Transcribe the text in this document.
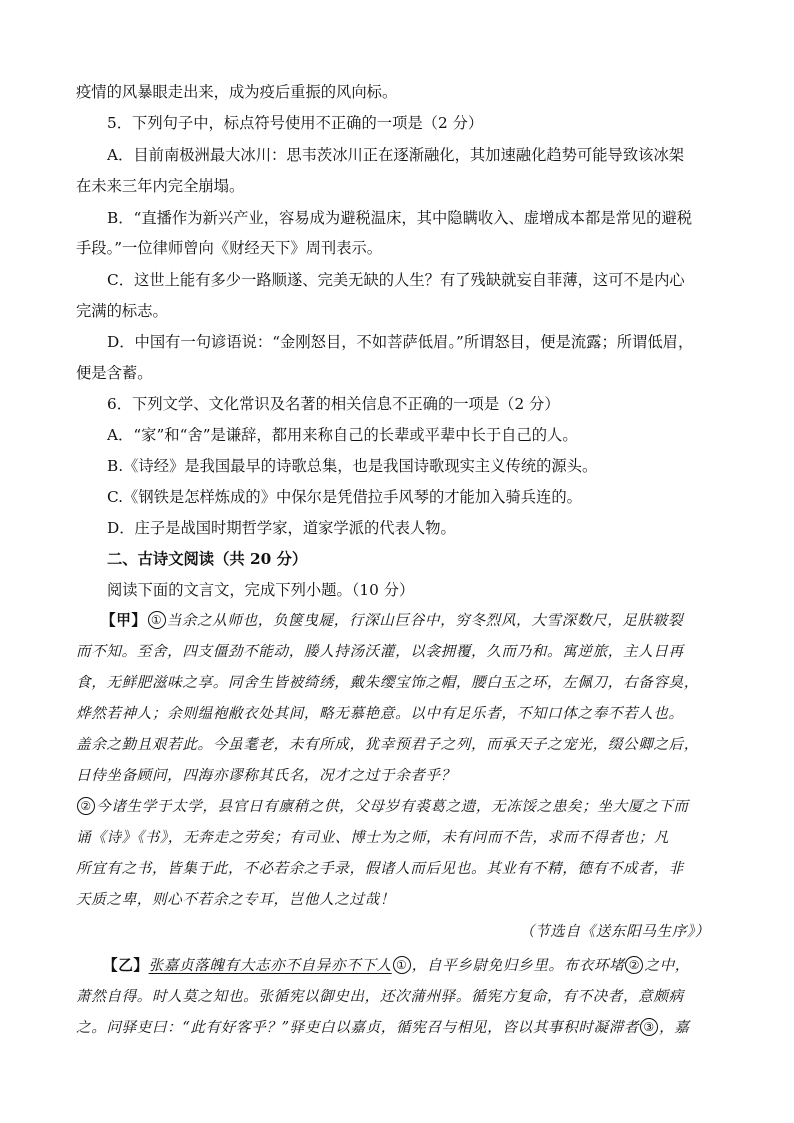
疫情的风暴眼走出来，成为疫后重振的风向标。
5．下列句子中，标点符号使用不正确的一项是（2 分）
A．目前南极洲最大冰川：思韦茨冰川正在逐渐融化，其加速融化趋势可能导致该冰架
在未来三年内完全崩塌。
B．“直播作为新兴产业，容易成为避税温床，其中隐瞒收入、虚增成本都是常见的避税
手段。”一位律师曾向《财经天下》周刊表示。
C．这世上能有多少一路顺遂、完美无缺的人生？有了残缺就妄自菲薄，这可不是内心
完满的标志。
D．中国有一句谚语说：“金刚怒目，不如菩萨低眉。”所谓怒目，便是流露；所谓低眉，
便是含蓄。
6．下列文学、文化常识及名著的相关信息不正确的一项是（2 分）
A．“家”和“舍”是谦辞，都用来称自己的长辈或平辈中长于自己的人。
B.《诗经》是我国最早的诗歌总集，也是我国诗歌现实主义传统的源头。
C.《钢铁是怎样炼成的》中保尔是凭借拉手风琴的才能加入骑兵连的。
D．庄子是战国时期哲学家，道家学派的代表人物。
二、古诗文阅读（共 20 分）
阅读下面的文言文，完成下列小题。（10 分）
【甲】 ① 当余之从师也，负箧曳屣，行深山巨谷中，穷冬烈风，大雪深数尺，足肤皲裂
而不知。至舍，四支僵劲不能动，媵人持汤沃灌，以衾拥覆，久而乃和。寓逆旅，主人日再
食，无鲜肥滋味之享。同舍生皆被绮绣，戴朱缨宝饰之帽，腰白玉之环，左佩刀，右备容臭，
烨然若神人；余则缊袍敝衣处其间，略无慕艳意。以中有足乐者，不知口体之奉不若人也。
盖余之勤且艰若此。今虽耄老，未有所成，犹幸预君子之列，而承天子之宠光，缀公卿之后，
日侍坐备顾问，四海亦谬称其氏名，况才之过于余者乎？
② 今诸生学于太学，县官日有廪稍之供，父母岁有裘葛之遗，无冻馁之患矣；坐大厦之下而
诵《诗》《书》，无奔走之劳矣；有司业、博士为之师，未有问而不告，求而不得者也；凡
所宜有之书，皆集于此，不必若余之手录，假诸人而后见也。其业有不精，德有不成者，非
天质之卑，则心不若余之专耳，岂他人之过哉！
（节选自《送东阳马生序》）
【乙】张嘉贞落魄有大志亦不自异亦不下人 ① ，自平乡尉免归乡里。布衣环堵 ② 之中，
萧然自得。时人莫之知也。张循宪以御史出，还次蒲州驿。循宪方复命，有不决者，意颇病
之。问驿吏曰：“此有好客乎？”驿吏白以嘉贞，循宪召与相见，咨以其事积时凝滞者 ③ ，嘉
